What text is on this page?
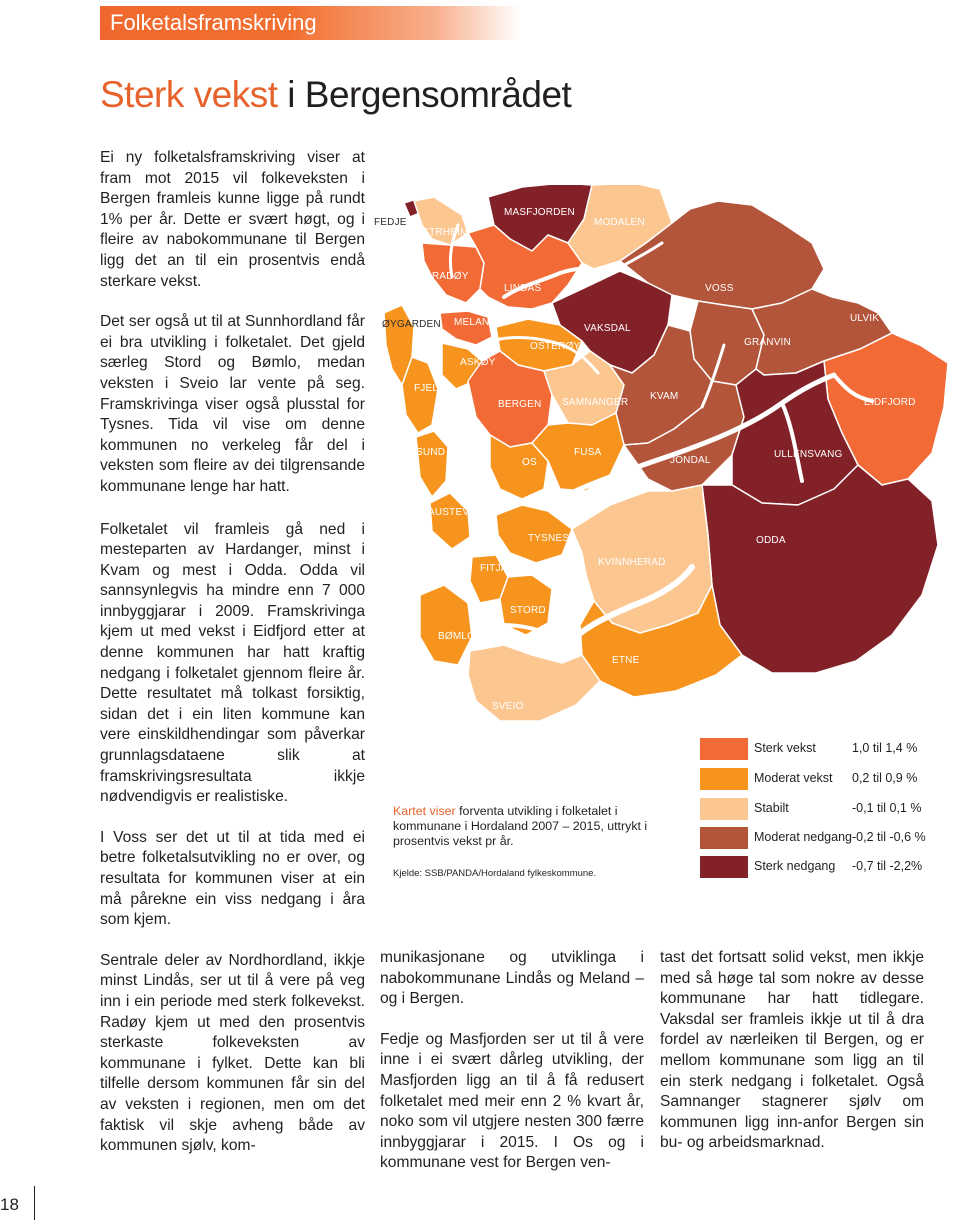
Folketalsframskriving
Sterk vekst i Bergensområdet

Ei ny folketalsframskriving viser at fram mot 2015 vil folkeveksten i Bergen framleis kunne ligge på rundt 1% per år. Dette er svært høgt, og i fleire av nabokommunane til Bergen ligg det an til ein prosentvis endå sterkare vekst.

Det ser også ut til at Sunnhordland får ei bra utvikling i folketalet. Det gjeld særleg Stord og Bømlo, medan veksten i Sveio lar vente på seg. Framskrivinga viser også plusstal for Tysnes. Tida vil vise om denne kommunen no verkeleg får del i veksten som fleire av dei tilgrensande kommunane lenge har hatt.

Folketalet vil framleis gå ned i mesteparten av Hardanger, minst i Kvam og mest i Odda. Odda vil sannsynlegvis ha mindre enn 7 000 innbyggjarar i 2009. Framskrivinga kjem ut med vekst i Eidfjord etter at denne kommunen har hatt kraftig nedgang i folketalet gjennom fleire år. Dette resultatet må tolkast forsiktig, sidan det i ein liten kommune kan vere einskildhendingar som påverkar grunnlagsdataene slik at framskrivingsresultata ikkje nødvendigvis er realistiske.

I Voss ser det ut til at tida med ei betre folketalsutvikling no er over, og resultata for kommunen viser at ein må pårekne ein viss nedgang i åra som kjem.

Sentrale deler av Nordhordland, ikkje minst Lindås, ser ut til å vere på veg inn i ein periode med sterk folkevekst. Radøy kjem ut med den prosentvis sterkaste folkeveksten av kommunane i fylket. Dette kan bli tilfelle dersom kommunen får sin del av veksten i regionen, men om det faktisk vil skje avheng både av kommunen sjølv, kom-

FEDJE
AUSTRHEIM
MASFJORDEN
MODALEN
RADØY
LINDÅS	VOSS
ØYGARDEN MELAND
ASKØY
OSTERØY
VAKSDAL
GRANVIN
ULVIK
FJELL
BERGEN SAMNANGER
KVAM
EIDFJORD
SUND
OS
FUSA
JONDAL
ULLENSVANG
AUSTEVOLL
TYSNES	ODDA
FITJAR
KVINNHERAD
STORD
BØMLO
ETNE
SVEIO
Sterk vekst	1,0 til 1,4 %
Moderat vekst 0,2 til 0,9 %
Stabilt	-0,1 til 0,1 %
Moderat nedgang -0,2 til -0,6 %
Sterk nedgang -0,7 til -2,2%
Kartet viser forventa utvikling i folketalet i kommunane i Hordaland 2007 – 2015, uttrykt i prosentvis vekst pr år.
Kjelde: SSB/PANDA/Hordaland fylkeskommune.

munikasjonane og utviklinga i nabokommunane Lindås og Meland – og i Bergen.

Fedje og Masfjorden ser ut til å vere inne i ei svært dårleg utvikling, der Masfjorden ligg an til å få redusert folketalet med meir enn 2 % kvart år, noko som vil utgjere nesten 300 færre innbyggjarar i 2015. I Os og i kommunane vest for Bergen ven-

tast det fortsatt solid vekst, men ikkje med så høge tal som nokre av desse kommunane har hatt tidlegare. Vaksdal ser framleis ikkje ut til å dra fordel av nærleiken til Bergen, og er mellom kommunane som ligg an til ein sterk nedgang i folketalet. Også Samnanger stagnerer sjølv om kommunen ligg inn-anfor Bergen sin bu- og arbeidsmarknad.

18
